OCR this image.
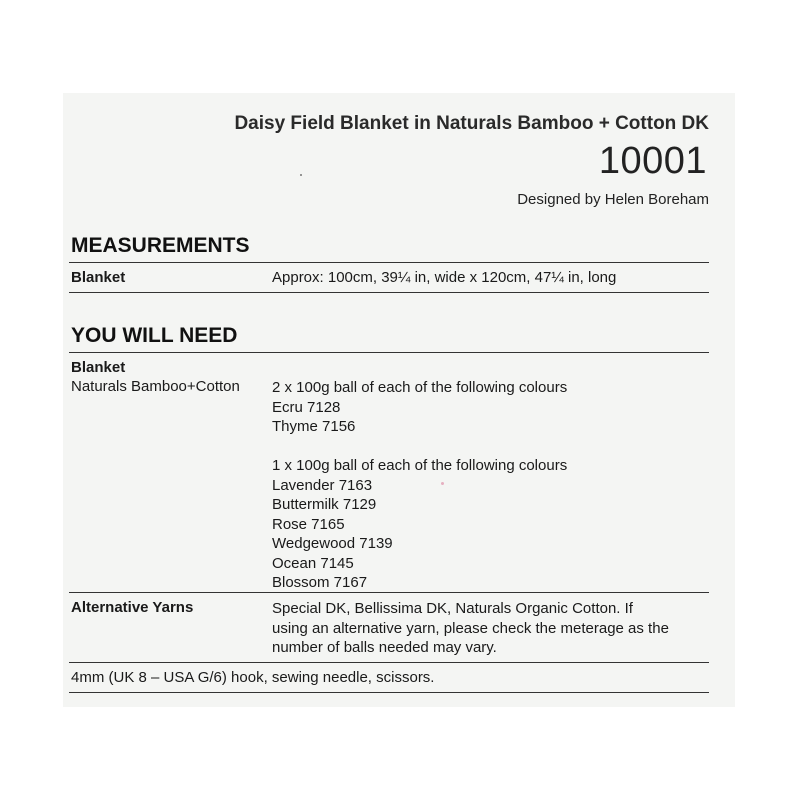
Daisy Field Blanket in Naturals Bamboo + Cotton DK
10001
Designed by Helen Boreham
MEASUREMENTS
Blanket	Approx: 100cm, 39¼ in, wide x 120cm, 47¼ in, long
YOU WILL NEED
Blanket
Naturals Bamboo+Cotton 2 x 100g ball of each of the following colours
Ecru 7128
Thyme 7156
1 x 100g ball of each of the following colours
Lavender 7163
Buttermilk 7129
Rose 7165
Wedgewood 7139
Ocean 7145
Blossom 7167
Alternative Yarns	Special DK, Bellissima DK, Naturals Organic Cotton. If
using an alternative yarn, please check the meterage as the
number of balls needed may vary.
4mm (UK 8 – USA G/6) hook, sewing needle, scissors.
